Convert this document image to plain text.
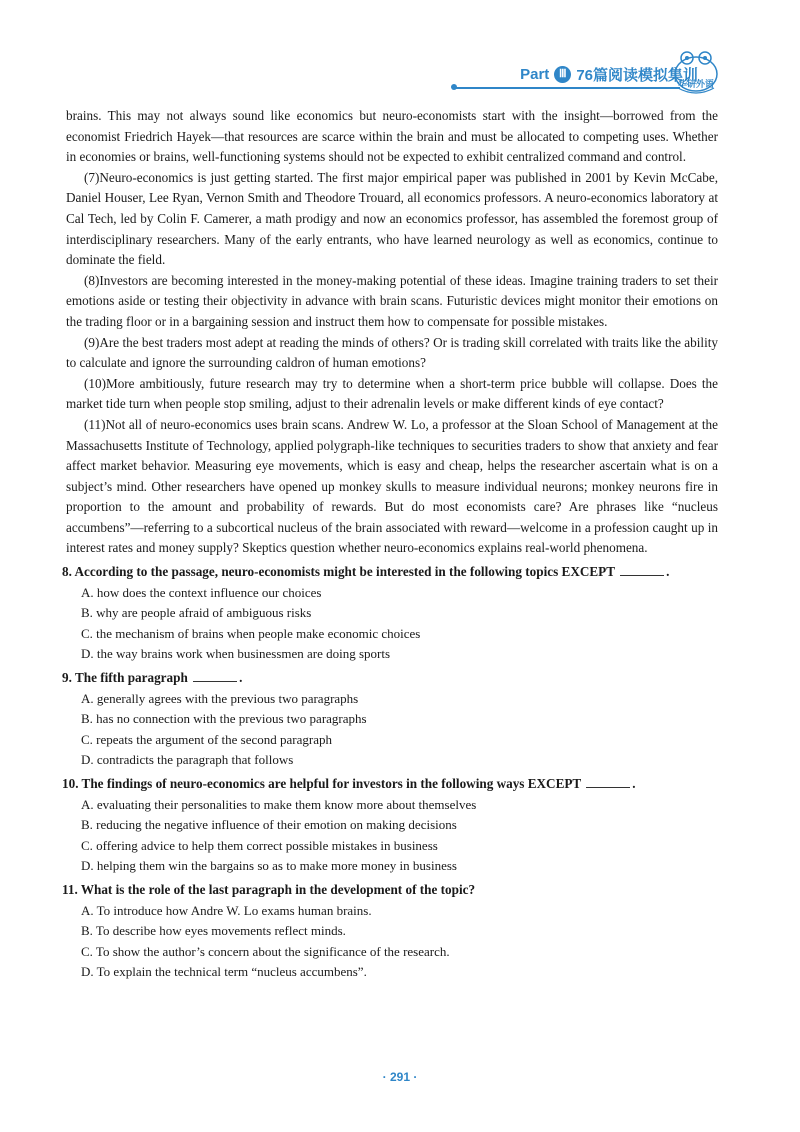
Part Ⅲ 76篇阅读模拟集训
华研外语

brains. This may not always sound like economics but neuro-economists start with the insight—borrowed from the economist Friedrich Hayek—that resources are scarce within the brain and must be allocated to competing uses. Whether in economies or brains, well-functioning systems should not be expected to exhibit centralized command and control.

(7)Neuro-economics is just getting started. The first major empirical paper was published in 2001 by Kevin McCabe, Daniel Houser, Lee Ryan, Vernon Smith and Theodore Trouard, all economics professors. A neuro-economics laboratory at Cal Tech, led by Colin F. Camerer, a math prodigy and now an economics professor, has assembled the foremost group of interdisciplinary researchers. Many of the early entrants, who have learned neurology as well as economics, continue to dominate the field.

(8)Investors are becoming interested in the money-making potential of these ideas. Imagine training traders to set their emotions aside or testing their objectivity in advance with brain scans. Futuristic devices might monitor their emotions on the trading floor or in a bargaining session and instruct them how to compensate for possible mistakes.

(9)Are the best traders most adept at reading the minds of others? Or is trading skill correlated with traits like the ability to calculate and ignore the surrounding caldron of human emotions?

(10)More ambitiously, future research may try to determine when a short-term price bubble will collapse. Does the market tide turn when people stop smiling, adjust to their adrenalin levels or make different kinds of eye contact?

(11)Not all of neuro-economics uses brain scans. Andrew W. Lo, a professor at the Sloan School of Management at the Massachusetts Institute of Technology, applied polygraph-like techniques to securities traders to show that anxiety and fear affect market behavior. Measuring eye movements, which is easy and cheap, helps the researcher ascertain what is on a subject’s mind. Other researchers have opened up monkey skulls to measure individual neurons; monkey neurons fire in proportion to the amount and probability of rewards. But do most economists care? Are phrases like “nucleus accumbens”—referring to a subcortical nucleus of the brain associated with reward—welcome in a profession caught up in interest rates and money supply? Skeptics question whether neuro-economics explains real-world phenomena.

8. According to the passage, neuro-economists might be interested in the following topics EXCEPT	.

A. how does the context influence our choices

B. why are people afraid of ambiguous risks

C. the mechanism of brains when people make economic choices

D. the way brains work when businessmen are doing sports

9. The fifth paragraph	.

A. generally agrees with the previous two paragraphs

B. has no connection with the previous two paragraphs

C. repeats the argument of the second paragraph

D. contradicts the paragraph that follows

10. The findings of neuro-economics are helpful for investors in the following ways EXCEPT	.

A. evaluating their personalities to make them know more about themselves

B. reducing the negative influence of their emotion on making decisions

C. offering advice to help them correct possible mistakes in business

D. helping them win the bargains so as to make more money in business

11. What is the role of the last paragraph in the development of the topic?

A. To introduce how Andre W. Lo exams human brains.

B. To describe how eyes movements reflect minds.

C. To show the author’s concern about the significance of the research.

D. To explain the technical term “nucleus accumbens”.

· 291 ·
